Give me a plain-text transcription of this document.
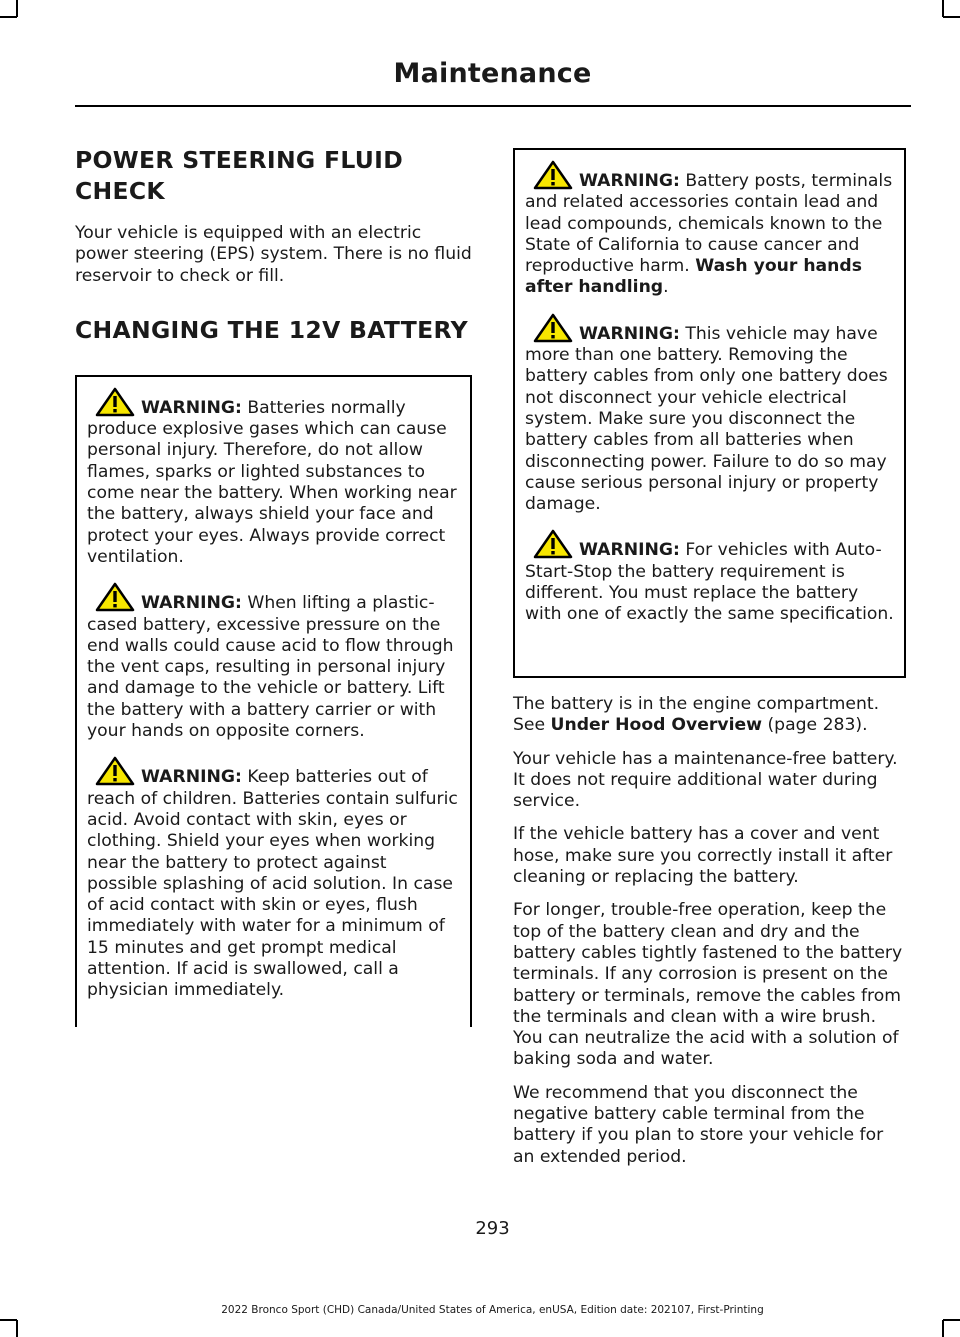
Maintenance
POWER STEERING FLUID CHECK

Your vehicle is equipped with an electric power steering (EPS) system. There is no fluid reservoir to check or fill.

CHANGING THE 12V BATTERY
WARNING: Batteries normally produce explosive gases which can cause personal injury. Therefore, do not allow flames, sparks or lighted substances to come near the battery. When working near the battery, always shield your face and protect your eyes. Always provide correct ventilation.
WARNING: When lifting a plastic-cased battery, excessive pressure on the end walls could cause acid to flow through the vent caps, resulting in personal injury and damage to the vehicle or battery. Lift the battery with a battery carrier or with your hands on opposite corners.
WARNING: Keep batteries out of reach of children. Batteries contain sulfuric acid. Avoid contact with skin, eyes or clothing. Shield your eyes when working near the battery to protect against possible splashing of acid solution. In case of acid contact with skin or eyes, flush immediately with water for a minimum of 15 minutes and get prompt medical attention. If acid is swallowed, call a physician immediately.
WARNING: Battery posts, terminals and related accessories contain lead and lead compounds, chemicals known to the State of California to cause cancer and reproductive harm. Wash your hands after handling.
WARNING: This vehicle may have more than one battery. Removing the battery cables from only one battery does not disconnect your vehicle electrical system. Make sure you disconnect the battery cables from all batteries when disconnecting power. Failure to do so may cause serious personal injury or property damage.
WARNING: For vehicles with Auto-Start-Stop the battery requirement is different. You must replace the battery with one of exactly the same specification.

The battery is in the engine compartment. See Under Hood Overview (page 283).

Your vehicle has a maintenance-free battery. It does not require additional water during service.

If the vehicle battery has a cover and vent hose, make sure you correctly install it after cleaning or replacing the battery.

For longer, trouble-free operation, keep the top of the battery clean and dry and the battery cables tightly fastened to the battery terminals. If any corrosion is present on the battery or terminals, remove the cables from the terminals and clean with a wire brush. You can neutralize the acid with a solution of baking soda and water.

We recommend that you disconnect the negative battery cable terminal from the battery if you plan to store your vehicle for an extended period.

293
2022 Bronco Sport (CHD) Canada/United States of America, enUSA, Edition date: 202107, First-Printing
